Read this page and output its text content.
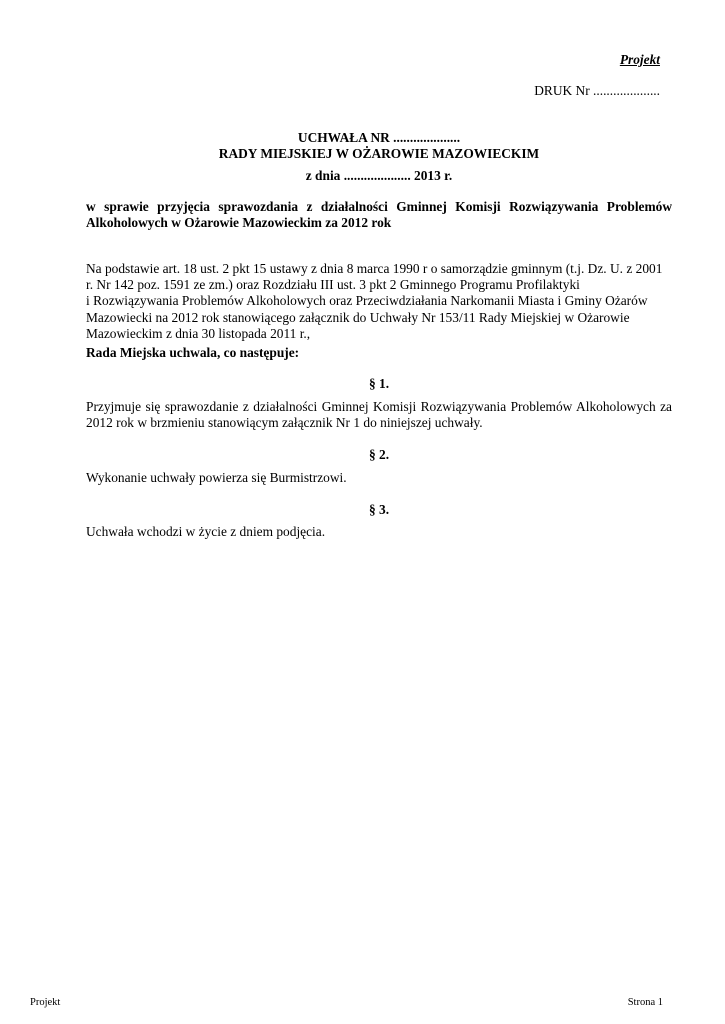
Projekt
DRUK Nr ....................
UCHWAŁA NR ....................
RADY MIEJSKIEJ W OŻAROWIE MAZOWIECKIM
z dnia .................... 2013 r.
w sprawie przyjęcia sprawozdania z działalności Gminnej Komisji Rozwiązywania Problemów Alkoholowych w Ożarowie Mazowieckim za 2012 rok
Na podstawie art. 18 ust. 2 pkt 15 ustawy z dnia 8 marca 1990 r o samorządzie gminnym (t.j. Dz. U. z 2001
r. Nr 142 poz. 1591 ze zm.) oraz Rozdziału III ust. 3 pkt 2 Gminnego Programu Profilaktyki
i Rozwiązywania Problemów Alkoholowych oraz Przeciwdziałania Narkomanii Miasta i Gminy Ożarów
Mazowiecki na 2012 rok stanowiącego załącznik do Uchwały Nr 153/11 Rady Miejskiej w Ożarowie
Mazowieckim z dnia 30 listopada 2011 r.,
Rada Miejska uchwala, co następuje:
§ 1.
Przyjmuje się sprawozdanie z działalności Gminnej Komisji Rozwiązywania Problemów Alkoholowych za 2012 rok w brzmieniu stanowiącym załącznik Nr 1 do niniejszej uchwały.
§ 2.
Wykonanie uchwały powierza się Burmistrzowi.
§ 3.
Uchwała wchodzi w życie z dniem podjęcia.
Projekt	Strona 1
